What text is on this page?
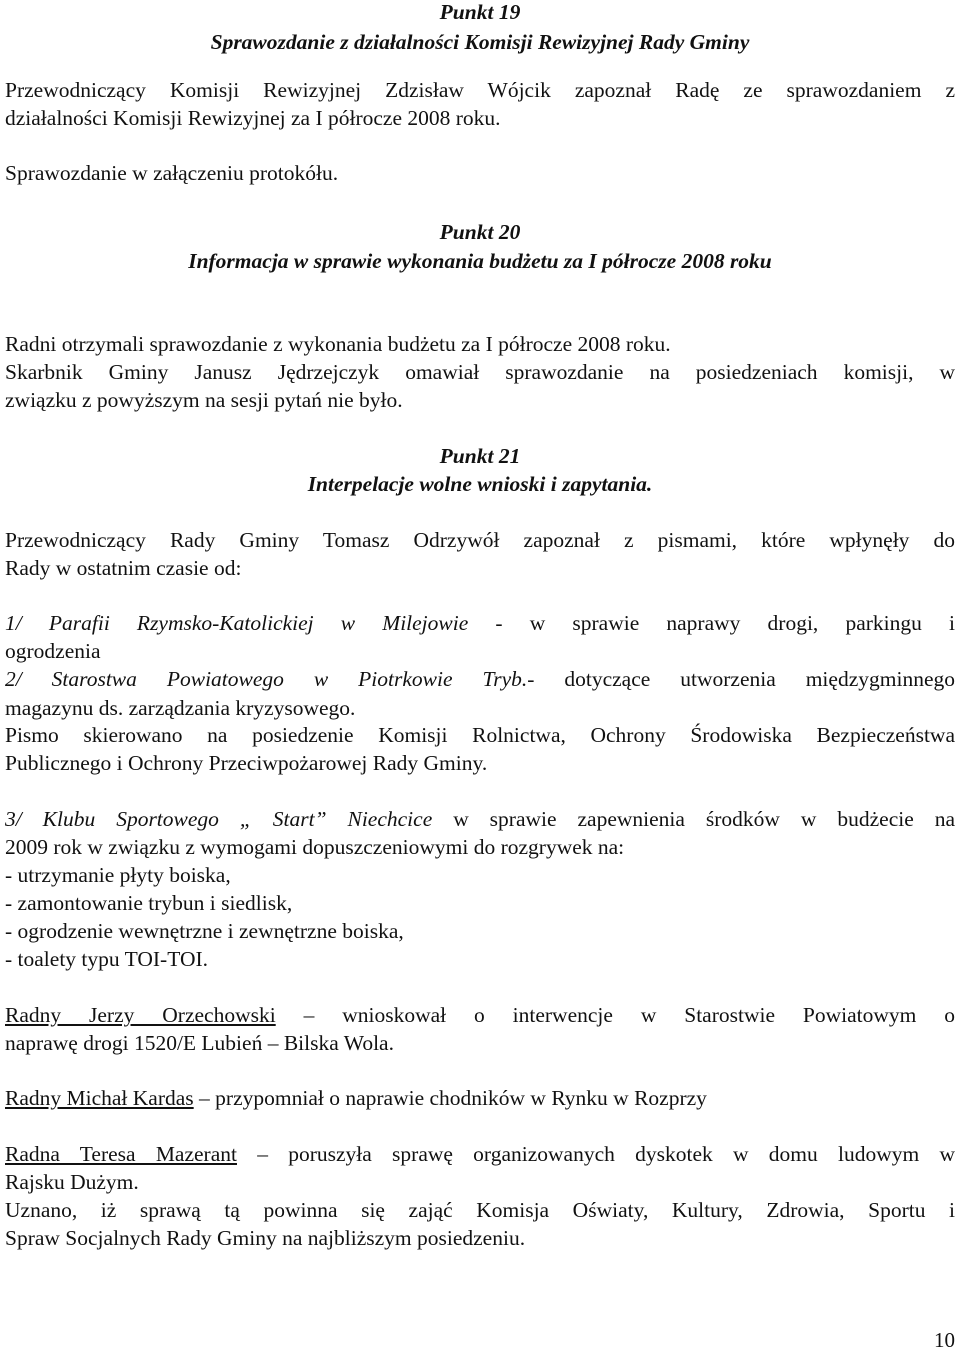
Punkt 19
Sprawozdanie z działalności Komisji Rewizyjnej Rady Gminy
Przewodniczący Komisji Rewizyjnej Zdzisław Wójcik zapoznał Radę ze sprawozdaniem z
działalności Komisji Rewizyjnej za I półrocze 2008 roku.
Sprawozdanie w załączeniu protokółu.
Punkt 20
Informacja w sprawie wykonania budżetu za I półrocze 2008 roku
Radni otrzymali sprawozdanie z wykonania budżetu za I półrocze 2008 roku.
Skarbnik Gminy Janusz Jędrzejczyk omawiał sprawozdanie na posiedzeniach komisji, w
związku z powyższym na sesji pytań nie było.
Punkt 21
Interpelacje wolne wnioski i zapytania.
Przewodniczący Rady Gminy Tomasz Odrzywół zapoznał z pismami, które wpłynęły do
Rady w ostatnim czasie od:
1/ Parafii Rzymsko-Katolickiej w Milejowie - w sprawie naprawy drogi, parkingu i
ogrodzenia
2/ Starostwa Powiatowego w Piotrkowie Tryb.- dotyczące utworzenia międzygminnego
magazynu ds. zarządzania kryzysowego.
Pismo skierowano na posiedzenie Komisji Rolnictwa, Ochrony Środowiska Bezpieczeństwa
Publicznego i Ochrony Przeciwpożarowej Rady Gminy.
3/ Klubu Sportowego „ Start” Niechcice w sprawie zapewnienia środków w budżecie na
2009 rok w związku z wymogami dopuszczeniowymi do rozgrywek na:
- utrzymanie płyty boiska,
- zamontowanie trybun i siedlisk,
- ogrodzenie wewnętrzne i zewnętrzne boiska,
- toalety typu TOI-TOI.
Radny Jerzy Orzechowski – wnioskował o interwencje w Starostwie Powiatowym o
naprawę drogi 1520/E Lubień – Bilska Wola.
Radny Michał Kardas – przypomniał o naprawie chodników w Rynku w Rozprzy
Radna Teresa Mazerant – poruszyła sprawę organizowanych dyskotek w domu ludowym w
Rajsku Dużym.
Uznano, iż sprawą tą powinna się zająć Komisja Oświaty, Kultury, Zdrowia, Sportu i
Spraw Socjalnych Rady Gminy na najbliższym posiedzeniu.
10
